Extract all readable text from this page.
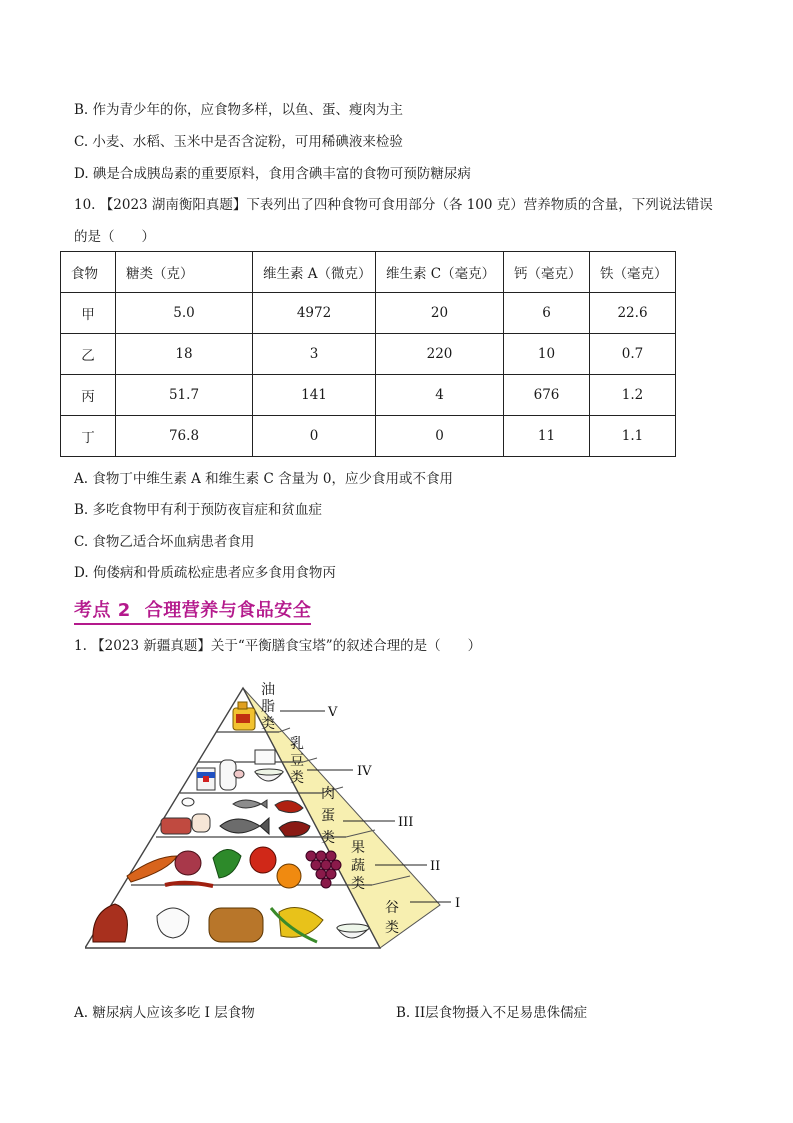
B. 作为青少年的你，应食物多样，以鱼、蛋、瘦肉为主
C. 小麦、水稻、玉米中是否含淀粉，可用稀碘液来检验
D. 碘是合成胰岛素的重要原料，食用含碘丰富的食物可预防糖尿病
10. 【2023 湖南衡阳真题】下表列出了四种食物可食用部分（各 100 克）营养物质的含量，下列说法错误
的是（　　）
食物	糖类（克）	维生素 A（微克）	维生素 C（毫克）	钙（毫克）	铁（毫克）
甲	5.0	4972	20	6	22.6
乙	18	3	220	10	0.7
丙	51.7	141	4	676	1.2
丁	76.8	0	0	11	1.1
A. 食物丁中维生素 A 和维生素 C 含量为 0，应少食用或不食用
B. 多吃食物甲有利于预防夜盲症和贫血症
C. 食物乙适合坏血病患者食用
D. 佝偻病和骨质疏松症患者应多食用食物丙
考点 2 合理营养与食品安全
1. 【2023 新疆真题】关于“平衡膳食宝塔”的叙述合理的是（　　）
油脂类
乳豆类
肉蛋类
果蔬类
谷类
V
IV
III
II
I
A. 糖尿病人应该多吃 I 层食物	B. II层食物摄入不足易患侏儒症
